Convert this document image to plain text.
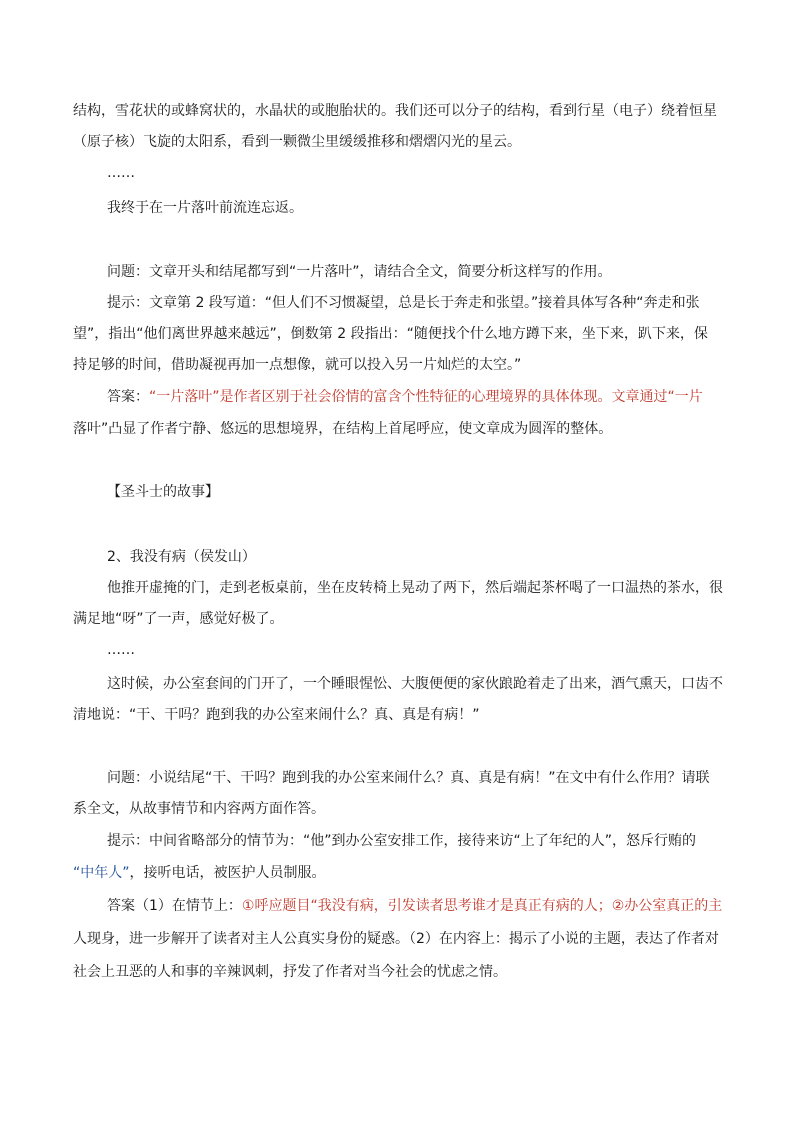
结构，雪花状的或蜂窝状的，水晶状的或胞胎状的。我们还可以分子的结构，看到行星（电子）绕着恒星
（原子核）飞旋的太阳系，看到一颗微尘里缓缓推移和熠熠闪光的星云。
……
我终于在一片落叶前流连忘返。
问题：文章开头和结尾都写到“一片落叶”，请结合全文，简要分析这样写的作用。
提示：文章第 2 段写道：“但人们不习惯凝望，总是长于奔走和张望。”接着具体写各种“奔走和张
望”，指出“他们离世界越来越远”，倒数第 2 段指出：“随便找个什么地方蹲下来，坐下来，趴下来，保
持足够的时间，借助凝视再加一点想像，就可以投入另一片灿烂的太空。”
答案：“一片落叶”是作者区别于社会俗情的富含个性特征的心理境界的具体体现。文章通过“一片
落叶”凸显了作者宁静、悠远的思想境界，在结构上首尾呼应，使文章成为圆浑的整体。
【圣斗士的故事】
2、我没有病（侯发山）
他推开虚掩的门，走到老板桌前，坐在皮转椅上晃动了两下，然后端起茶杯喝了一口温热的茶水，很
满足地“呀”了一声，感觉好极了。
……
这时候，办公室套间的门开了，一个睡眼惺忪、大腹便便的家伙踉跄着走了出来，酒气熏天，口齿不
清地说：“干、干吗？跑到我的办公室来闹什么？真、真是有病！”
问题：小说结尾“干、干吗？跑到我的办公室来闹什么？真、真是有病！”在文中有什么作用？请联
系全文，从故事情节和内容两方面作答。
提示：中间省略部分的情节为：“他”到办公室安排工作，接待来访“上了年纪的人”，怒斥行贿的
“中年人”，接听电话，被医护人员制服。
答案（1）在情节上：①呼应题目“我没有病，引发读者思考谁才是真正有病的人；②办公室真正的主
人现身，进一步解开了读者对主人公真实身份的疑惑。（2）在内容上：揭示了小说的主题，表达了作者对
社会上丑恶的人和事的辛辣讽刺，抒发了作者对当今社会的忧虑之情。
